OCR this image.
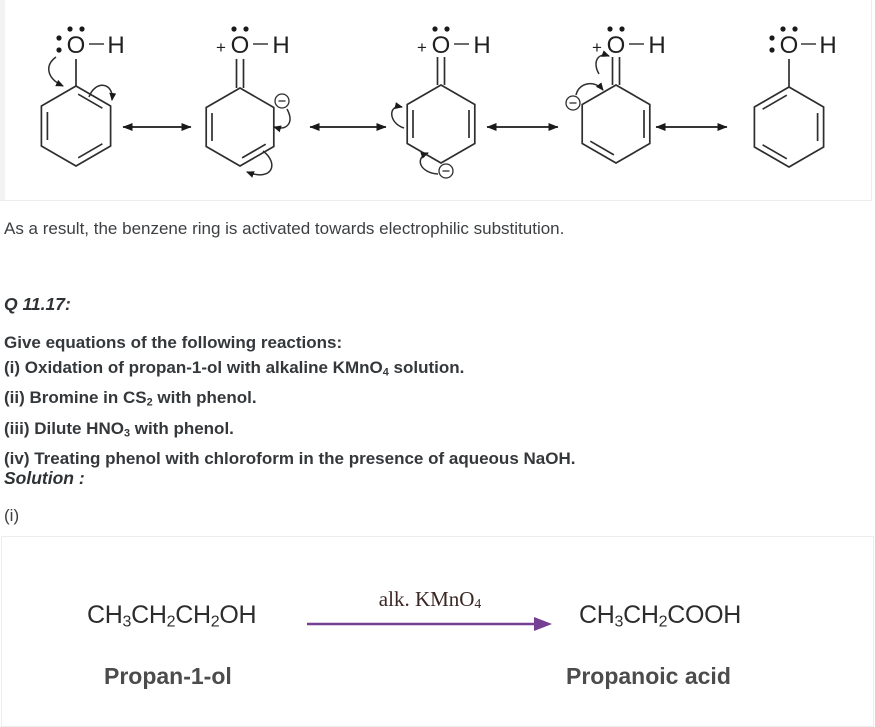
O H	+ O H	+ O H	+ O H	O H
As a result, the benzene ring is activated towards electrophilic substitution.
Q 11.17:
Give equations of the following reactions:
(i) Oxidation of propan-1-ol with alkaline KMnO$_4$ solution.
(ii) Bromine in $CS_2$ with phenol.
(iii) Dilute $HNO_3$ with phenol.
(iv) Treating phenol with chloroform in the presence of aqueous NaOH.
Solution :
(i)
$CH_3CH_2CH_2OH$
alk. KMnO4	$CH_3CH_2COOH$
Propan-1-ol	Propanoic acid
